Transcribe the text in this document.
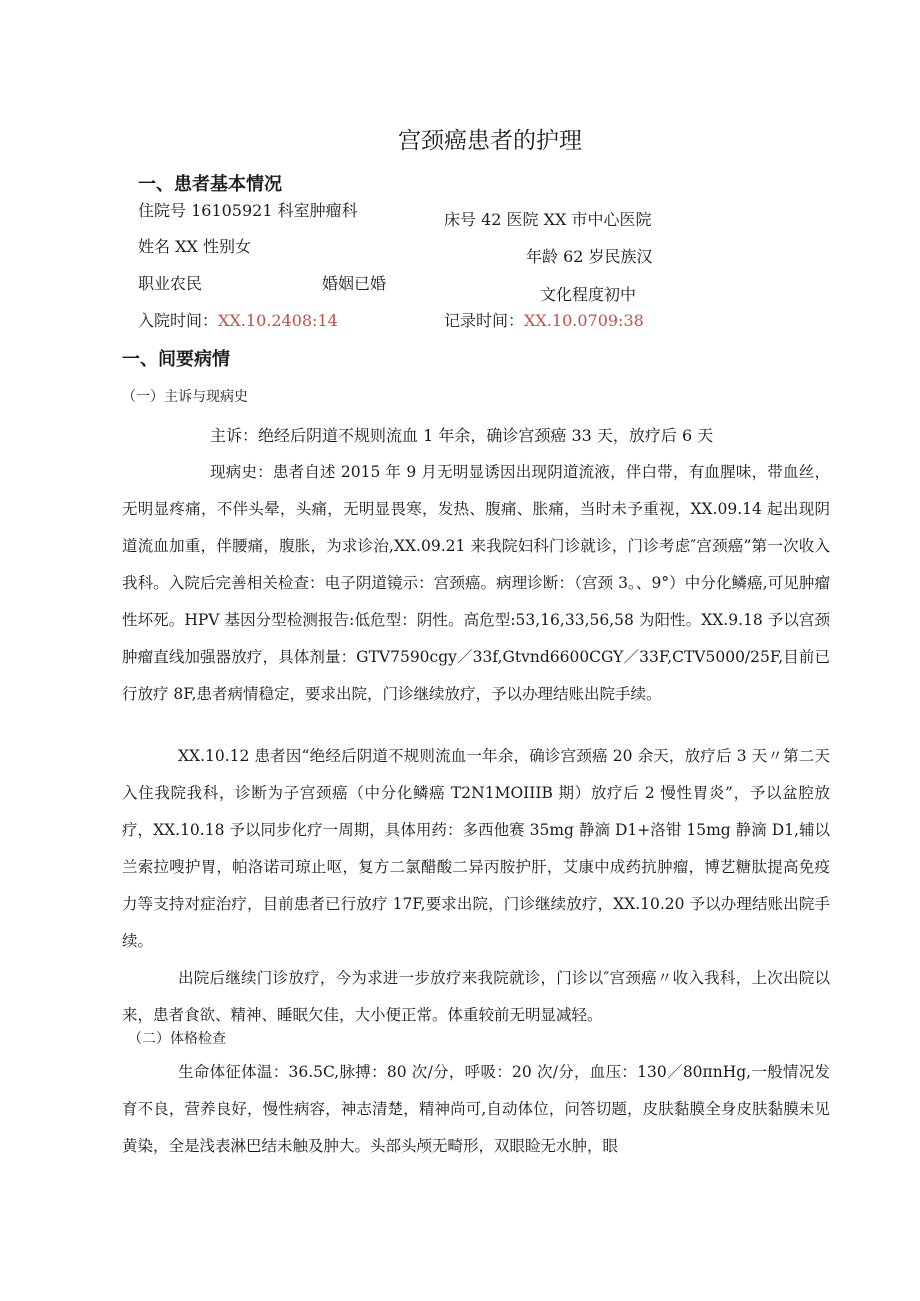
宫颈癌患者的护理
一、患者基本情况
住院号 16105921 科室肿瘤科	床号 42 医院 XX 市中心医院
姓名 XX 性别女
年龄 62 岁民族汉
职业农民	婚姻已婚
文化程度初中
入院时间：XX.10.2408:14	记录时间：XX.10.0709:38
一、间要病情
（一）主诉与现病史
主诉：绝经后阴道不规则流血 1 年余，确诊宫颈癌 33 天，放疗后 6 天
现病史：患者自述 2015 年 9 月无明显诱因出现阴道流液，伴白带，有血腥味，带血丝，无明显疼痛，不伴头晕，头痛，无明显畏寒，发热、腹痛、胀痛，当时未予重视，XX.09.14 起出现阴道流血加重，伴腰痛，腹胀，为求诊治,XX.09.21 来我院妇科门诊就诊，门诊考虑″宫颈癌”第一次收入我科。入院后完善相关检查：电子阴道镜示：宫颈癌。病理诊断：（宫颈 3。、9°）中分化鳞癌,可见肿瘤性坏死。HPV 基因分型检测报告:低危型：阴性。高危型:53,16,33,56,58 为阳性。XX.9.18 予以宫颈肿瘤直线加强器放疗，具体剂量：GTV7590cgy／33f,Gtvnd6600CGY／33F,CTV5000/25F,目前已行放疗 8F,患者病情稳定，要求出院，门诊继续放疗，予以办理结账出院手续。
XX.10.12 患者因“绝经后阴道不规则流血一年余，确诊宫颈癌 20 余天，放疗后 3 天〃第二天入住我院我科，诊断为子宫颈癌（中分化鳞癌 T2N1MOIIIB 期）放疗后 2 慢性胃炎”，予以盆腔放疗，XX.10.18 予以同步化疗一周期，具体用药：多西他赛 35mg 静滴 D1+洛钳 15mg 静滴 D1,辅以兰索拉嗖护胃，帕洛诺司琼止呕，复方二氯醋酸二异丙胺护肝，艾康中成药抗肿瘤，博艺糖肽提高免疫力等支持对症治疗，目前患者已行放疗 17F,要求出院，门诊继续放疗，XX.10.20 予以办理结账出院手续。
出院后继续门诊放疗，今为求进一步放疗来我院就诊，门诊以″宫颈癌〃收入我科，上次出院以来，患者食欲、精神、睡眠欠佳，大小便正常。体重较前无明显减轻。
（二）体格检查
生命体征体温：36.5C,脉搏：80 次/分，呼吸：20 次/分，血压：130／80πnHg,一般情况发育不良，营养良好，慢性病容，神志清楚，精神尚可,自动体位，问答切题，皮肤黏膜全身皮肤黏膜未见黄染，全是浅表淋巴结未触及肿大。头部头颅无畸形，双眼睑无水肿，眼
